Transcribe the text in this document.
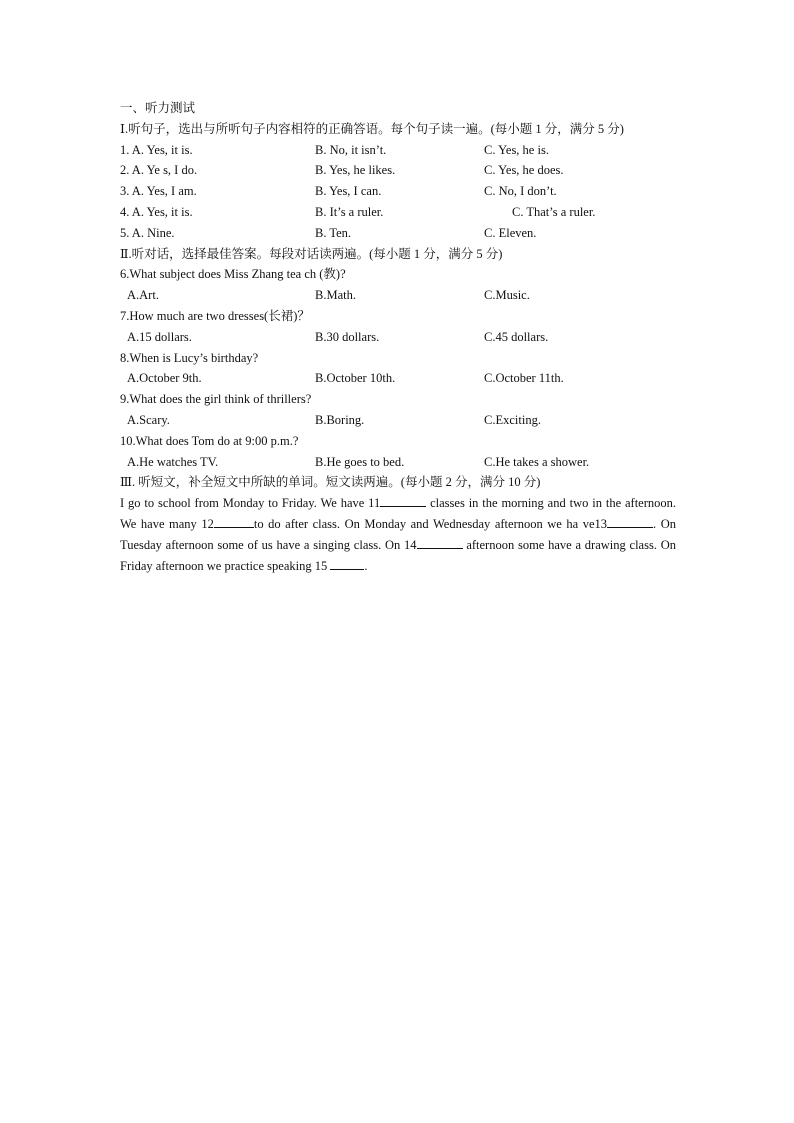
一、听力测试
Ⅰ.听句子，选出与所听句子内容相符的正确答语。每个句子读一遍。(每小题 1 分，满分 5 分)
1. A. Yes, it is.	B. No, it isn’t.	C. Yes, he is.
2. A. Ye s, I do.	B. Yes, he likes.	C. Yes, he does.
3. A. Yes, I am.	B. Yes, I can.	C. No, I don’t.
4. A. Yes, it is.	B. It’s a ruler.	C. That’s a ruler.
5. A. Nine.	B. Ten.	C. Eleven.
Ⅱ.听对话，选择最佳答案。每段对话读两遍。(每小题 1 分，满分 5 分)
6.What subject does Miss Zhang tea ch (教)?
A.Art.	B.Math.	C.Music.
7.How much are two dresses(长裙)？
A.15 dollars.	B.30 dollars.	C.45 dollars.
8.When is Lucy’s birthday?
A.October 9th.	B.October 10th.	C.October 11th.
9.What does the girl think of thrillers?
A.Scary.	B.Boring.	C.Exciting.
10.What does Tom do at 9:00 p.m.?
A.He watches TV.	B.He goes to bed.	C.He takes a shower.
Ⅲ. 听短文，补全短文中所缺的单词。短文读两遍。(每小题 2 分，满分 10 分)
I go to school from Monday to Friday. We have 11	classes in the morning and two in the afternoon. We have many 12	to do after class. On Monday and Wednesday afternoon we ha ve13	. On Tuesday afternoon some of us have a singing class. On 14	afternoon some have a drawing class. On Friday afternoon we practice speaking 15	.
